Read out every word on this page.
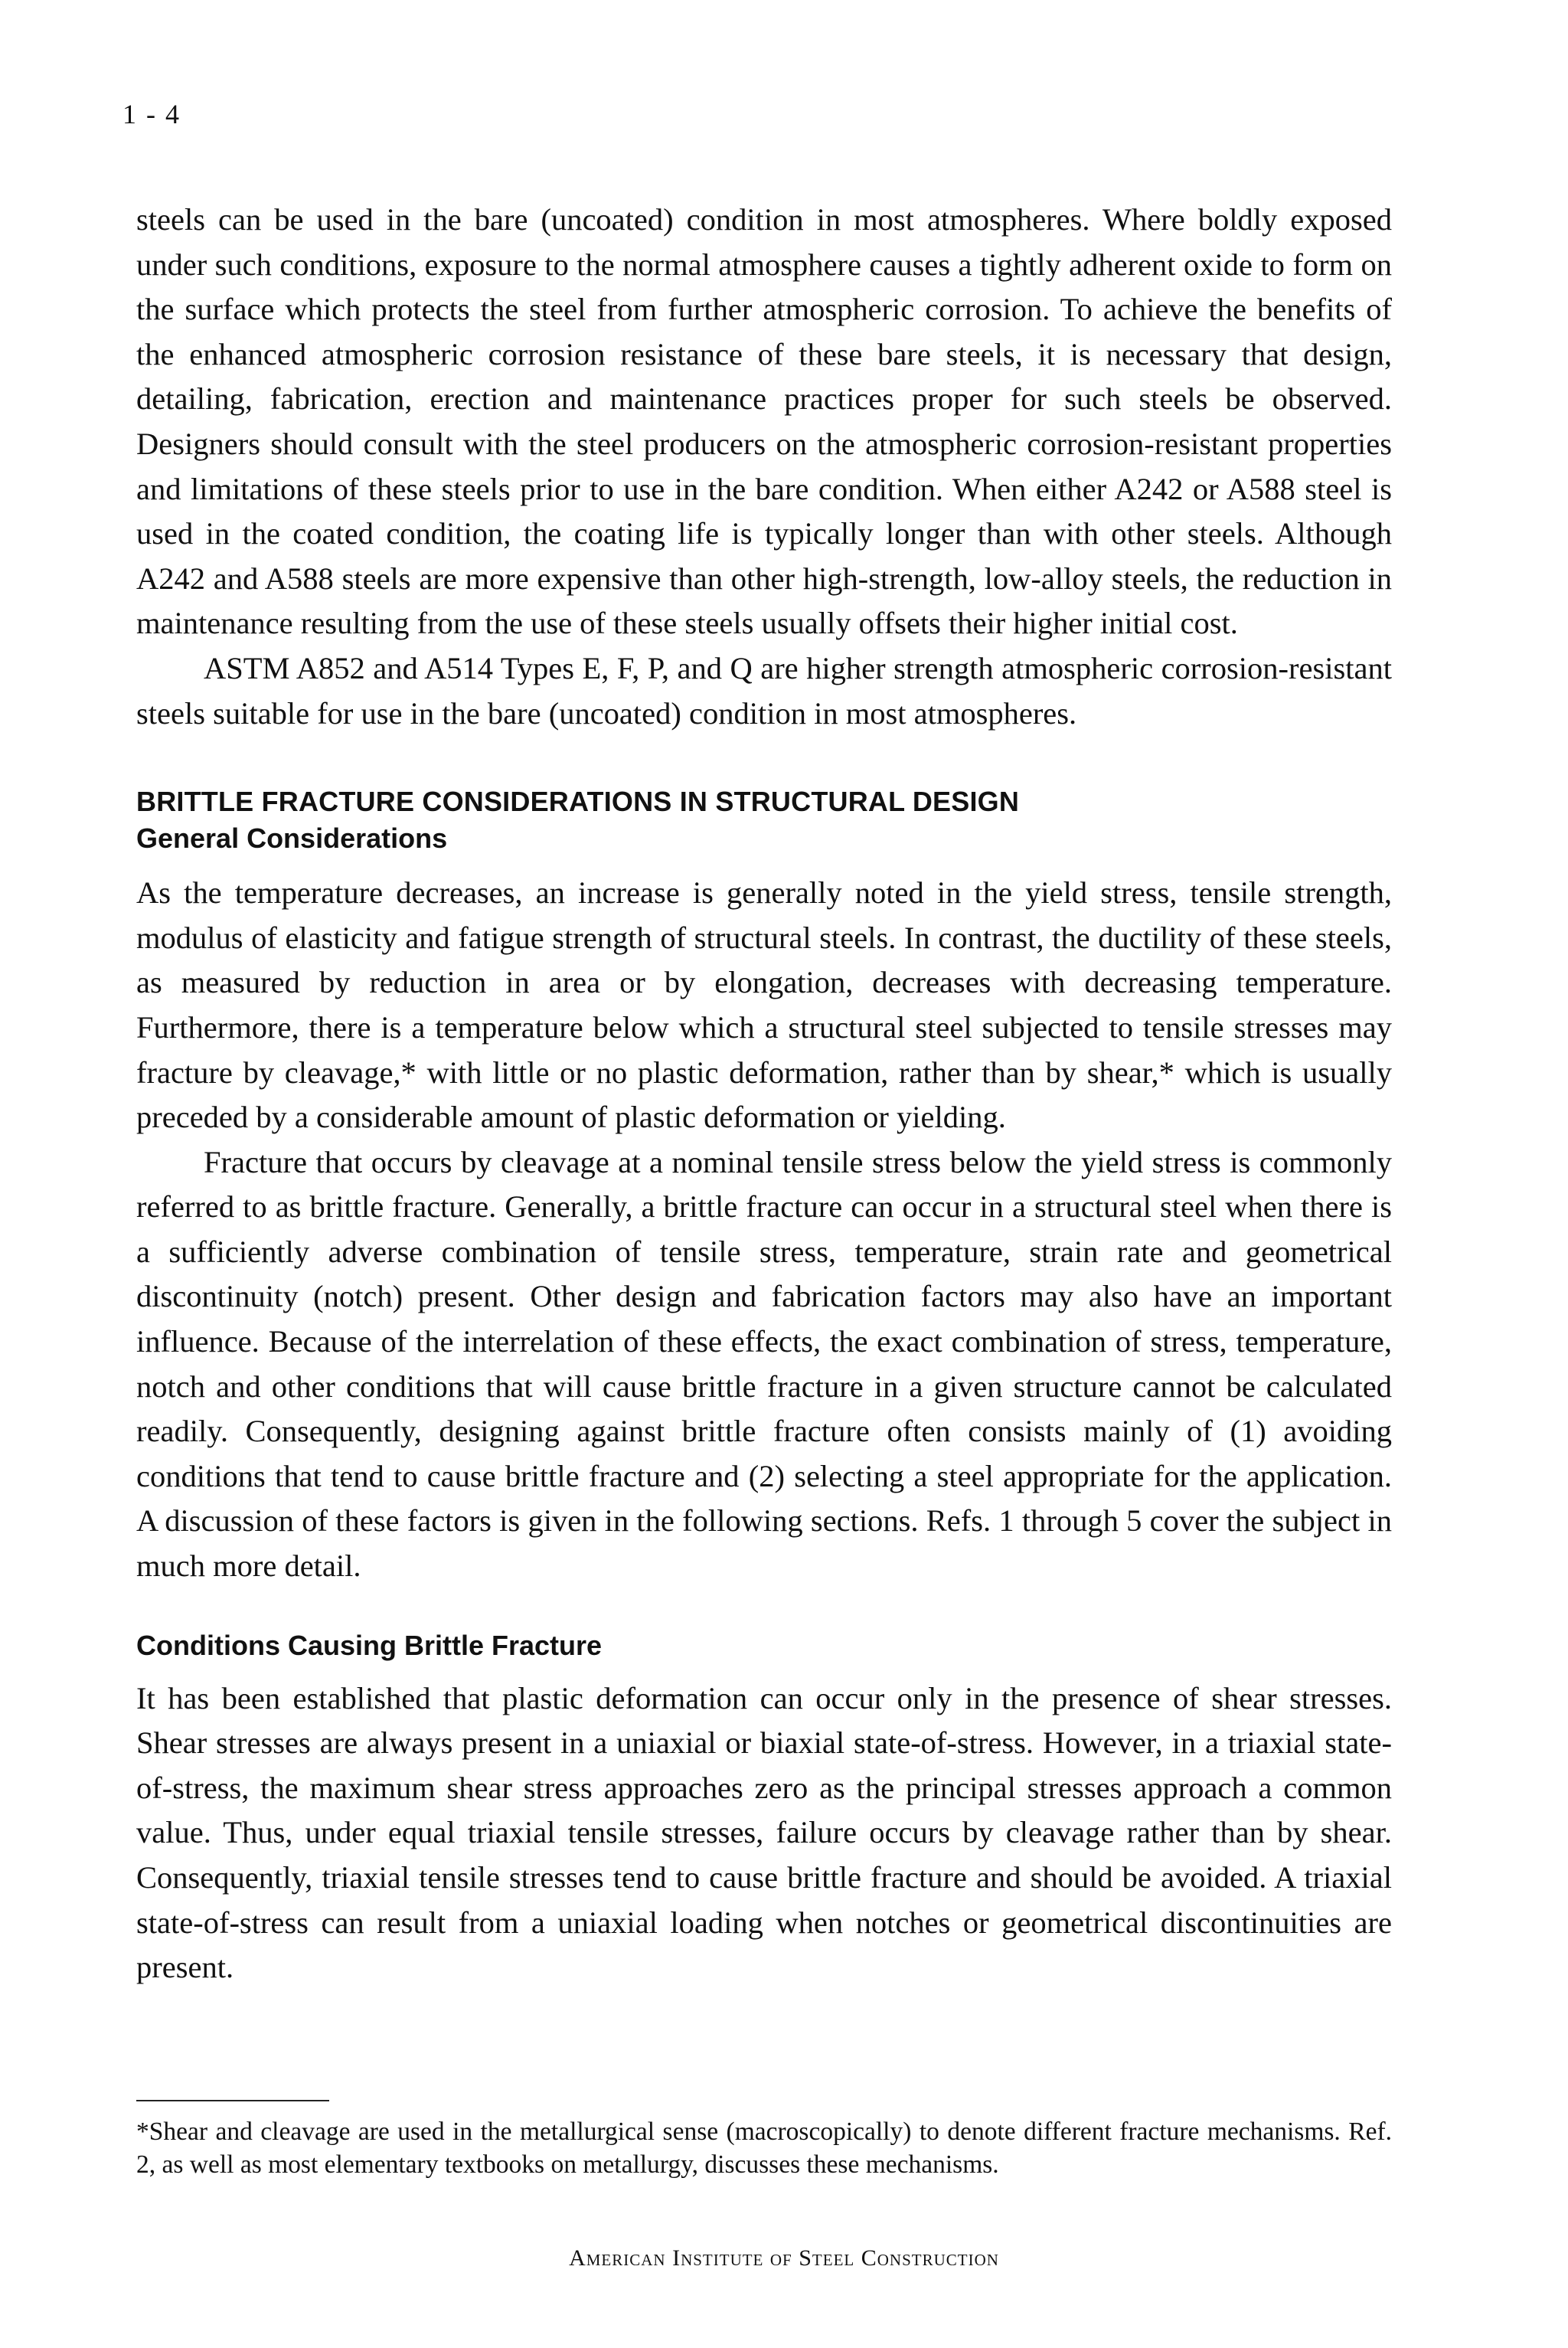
1 - 4

steels can be used in the bare (uncoated) condition in most atmospheres. Where boldly exposed under such conditions, exposure to the normal atmosphere causes a tightly adherent oxide to form on the surface which protects the steel from further atmospheric corrosion. To achieve the benefits of the enhanced atmospheric corrosion resistance of these bare steels, it is necessary that design, detailing, fabrication, erection and maintenance practices proper for such steels be observed. Designers should consult with the steel producers on the atmospheric corrosion-resistant properties and limitations of these steels prior to use in the bare condition. When either A242 or A588 steel is used in the coated condition, the coating life is typically longer than with other steels. Although A242 and A588 steels are more expensive than other high-strength, low-alloy steels, the reduction in maintenance resulting from the use of these steels usually offsets their higher initial cost.

ASTM A852 and A514 Types E, F, P, and Q are higher strength atmospheric corrosion-resistant steels suitable for use in the bare (uncoated) condition in most atmospheres.

BRITTLE FRACTURE CONSIDERATIONS IN STRUCTURAL DESIGN
General Considerations

As the temperature decreases, an increase is generally noted in the yield stress, tensile strength, modulus of elasticity and fatigue strength of structural steels. In contrast, the ductility of these steels, as measured by reduction in area or by elongation, decreases with decreasing temperature. Furthermore, there is a temperature below which a structural steel subjected to tensile stresses may fracture by cleavage,* with little or no plastic deformation, rather than by shear,* which is usually preceded by a considerable amount of plastic deformation or yielding.

Fracture that occurs by cleavage at a nominal tensile stress below the yield stress is commonly referred to as brittle fracture. Generally, a brittle fracture can occur in a structural steel when there is a sufficiently adverse combination of tensile stress, temperature, strain rate and geometrical discontinuity (notch) present. Other design and fabrication factors may also have an important influence. Because of the interrelation of these effects, the exact combination of stress, temperature, notch and other conditions that will cause brittle fracture in a given structure cannot be calculated readily. Consequently, designing against brittle fracture often consists mainly of (1) avoiding conditions that tend to cause brittle fracture and (2) selecting a steel appropriate for the application. A discussion of these factors is given in the following sections. Refs. 1 through 5 cover the subject in much more detail.

Conditions Causing Brittle Fracture

It has been established that plastic deformation can occur only in the presence of shear stresses. Shear stresses are always present in a uniaxial or biaxial state-of-stress. However, in a triaxial state-of-stress, the maximum shear stress approaches zero as the principal stresses approach a common value. Thus, under equal triaxial tensile stresses, failure occurs by cleavage rather than by shear. Consequently, triaxial tensile stresses tend to cause brittle fracture and should be avoided. A triaxial state-of-stress can result from a uniaxial loading when notches or geometrical discontinuities are present.

*Shear and cleavage are used in the metallurgical sense (macroscopically) to denote different fracture mechanisms. Ref. 2, as well as most elementary textbooks on metallurgy, discusses these mechanisms.
American Institute of Steel Construction
